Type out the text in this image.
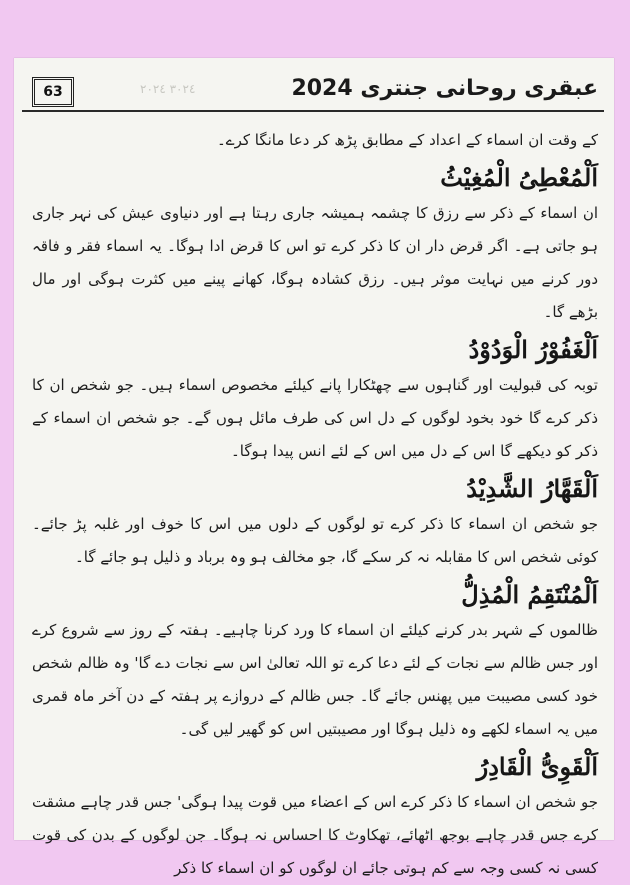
63	٣٠٢٤ ٢٠٢٤	عبقری روحانی جنتری 2024

کے وقت ان اسماء کے اعداد کے مطابق پڑھ کر دعا مانگا کرے۔

اَلْمُعْطِیُ الْمُغِیْثُ

ان اسماء کے ذکر سے رزق کا چشمہ ہمیشہ جاری رہتا ہے اور دنیاوی عیش کی نہر جاری ہو جاتی ہے۔ اگر قرض دار ان کا ذکر کرے تو اس کا قرض ادا ہوگا۔ یہ اسماء فقر و فاقہ دور کرنے میں نہایت موثر ہیں۔ رزق کشادہ ہوگا، کھانے پینے میں کثرت ہوگی اور مال بڑھے گا۔

اَلْغَفُوْرُ الْوَدُوْدُ

توبہ کی قبولیت اور گناہوں سے چھٹکارا پانے کیلئے مخصوص اسماء ہیں۔ جو شخص ان کا ذکر کرے گا خود بخود لوگوں کے دل اس کی طرف مائل ہوں گے۔ جو شخص ان اسماء کے ذکر کو دیکھے گا اس کے دل میں اس کے لئے انس پیدا ہوگا۔

اَلْقَهَّارُ الشَّدِیْدُ

جو شخص ان اسماء کا ذکر کرے تو لوگوں کے دلوں میں اس کا خوف اور غلبہ پڑ جائے۔ کوئی شخص اس کا مقابلہ نہ کر سکے گا، جو مخالف ہو وہ برباد و ذلیل ہو جائے گا۔

اَلْمُنْتَقِمُ الْمُذِلُّ

ظالموں کے شہر بدر کرنے کیلئے ان اسماء کا ورد کرنا چاہیے۔ ہفتہ کے روز سے شروع کرے اور جس ظالم سے نجات کے لئے دعا کرے تو اللہ تعالیٰ اس سے نجات دے گا' وہ ظالم شخص خود کسی مصیبت میں پھنس جائے گا۔ جس ظالم کے دروازے پر ہفتہ کے دن آخر ماہ قمری میں یہ اسماء لکھے وہ ذلیل ہوگا اور مصیبتیں اس کو گھیر لیں گی۔

اَلْقَوِیُّ الْقَادِرُ

جو شخص ان اسماء کا ذکر کرے اس کے اعضاء میں قوت پیدا ہوگی' جس قدر چاہے مشقت کرے جس قدر چاہے بوجھ اٹھائے، تھکاوٹ کا احساس نہ ہوگا۔ جن لوگوں کے بدن کی قوت کسی نہ کسی وجہ سے کم ہوتی جائے ان لوگوں کو ان اسماء کا ذکر
